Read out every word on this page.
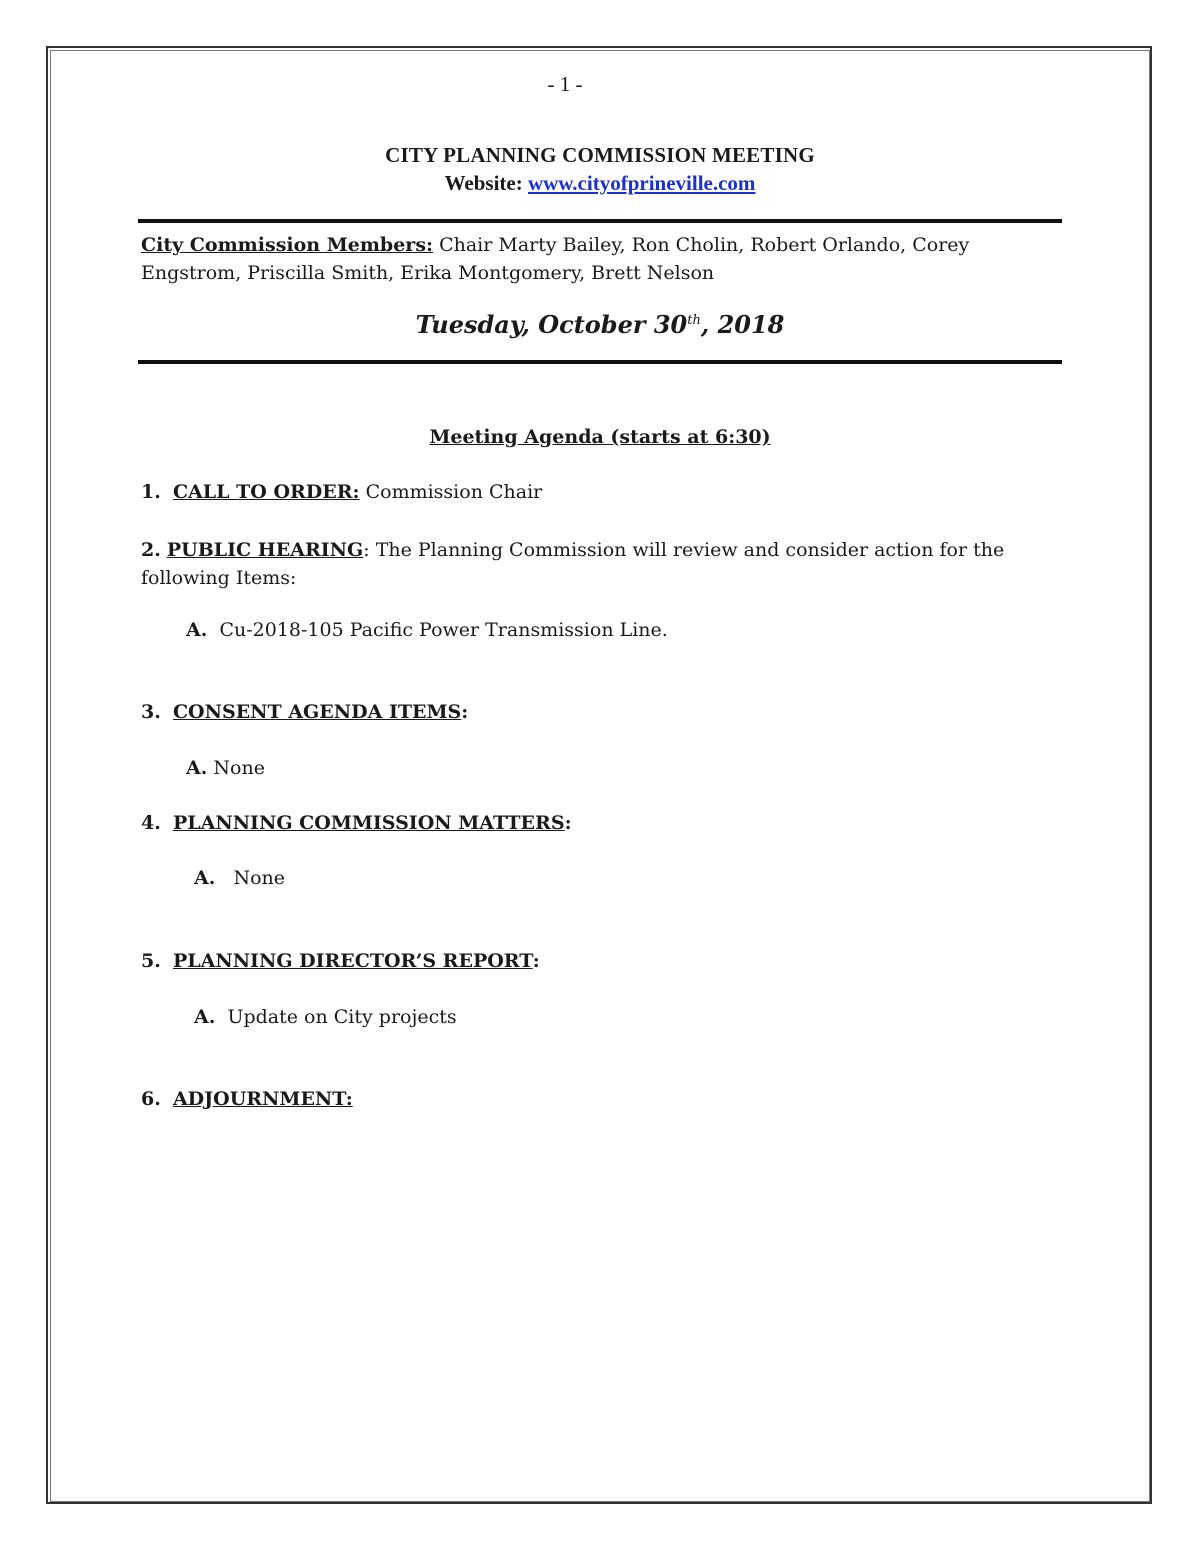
- 1 -
CITY PLANNING COMMISSION MEETING
Website: www.cityofprineville.com
City Commission Members: Chair Marty Bailey, Ron Cholin, Robert Orlando, Corey Engstrom, Priscilla Smith, Erika Montgomery, Brett Nelson
Tuesday, October 30th, 2018
Meeting Agenda (starts at 6:30)
1. CALL TO ORDER: Commission Chair
2. PUBLIC HEARING: The Planning Commission will review and consider action for the following Items:
A. Cu-2018-105 Pacific Power Transmission Line.
3. CONSENT AGENDA ITEMS:
A. None
4. PLANNING COMMISSION MATTERS:
A. None
5. PLANNING DIRECTOR’S REPORT:
A. Update on City projects
6. ADJOURNMENT:
